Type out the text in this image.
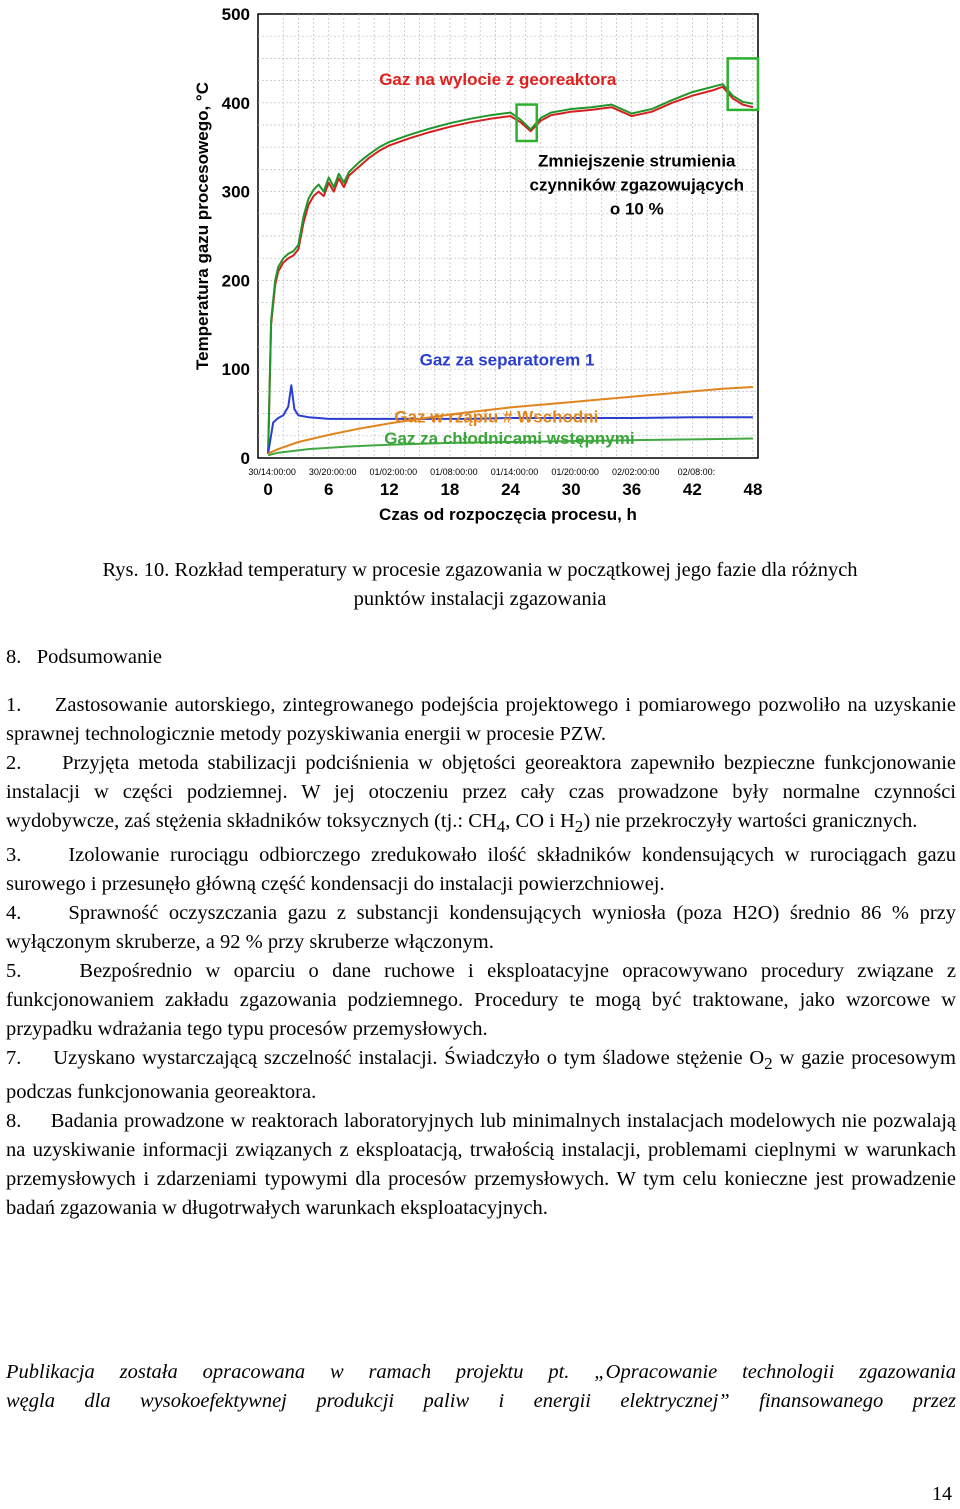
0
100
200
300
400
500
30/14:00:00 30/20:00:00 01/02:00:00 01/08:00:00 01/14:00:00 01/20:00:00 02/02:00:00 02/08:00:
0	6	12 18 24 30 36 42 48
Czas od rozpoczęcia procesu, h
Temperatura gazu procesowego, °C
Gaz na wylocie z georeaktora
Gaz za separatorem 1
Gaz w rząpiu # Wschodni
Gaz za chłodnicami wstępnymi
Zmniejszenie strumienia
czynników zgazowujących
o 10 %
Rys. 10. Rozkład temperatury w procesie zgazowania w początkowej jego fazie dla różnych
punktów instalacji zgazowania
8. Podsumowanie

1. Zastosowanie autorskiego, zintegrowanego podejścia projektowego i pomiarowego pozwoliło na uzyskanie sprawnej technologicznie metody pozyskiwania energii w procesie PZW.

2. Przyjęta metoda stabilizacji podciśnienia w objętości georeaktora zapewniło bezpieczne funkcjonowanie instalacji w części podziemnej. W jej otoczeniu przez cały czas prowadzone były normalne czynności wydobywcze, zaś stężenia składników toksycznych (tj.: $CH_4$, CO i $H_2$) nie przekroczyły wartości granicznych.

3. Izolowanie rurociągu odbiorczego zredukowało ilość składników kondensujących w rurociągach gazu surowego i przesunęło główną część kondensacji do instalacji powierzchniowej.

4. Sprawność oczyszczania gazu z substancji kondensujących wyniosła (poza H2O) średnio 86 % przy wyłączonym skruberze, a 92 % przy skruberze włączonym.

5.	Bezpośrednio w oparciu o dane ruchowe i eksploatacyjne opracowywano procedury związane z funkcjonowaniem zakładu zgazowania podziemnego. Procedury te mogą być traktowane, jako wzorcowe w przypadku wdrażania tego typu procesów przemysłowych.

7. Uzyskano wystarczającą szczelność instalacji. Świadczyło o tym śladowe stężenie $O_2$ w gazie procesowym podczas funkcjonowania georeaktora.

8. Badania prowadzone w reaktorach laboratoryjnych lub minimalnych instalacjach modelowych nie pozwalają na uzyskiwanie informacji związanych z eksploatacją, trwałością instalacji, problemami cieplnymi w warunkach przemysłowych i zdarzeniami typowymi dla procesów przemysłowych. W tym celu konieczne jest prowadzenie badań zgazowania w długotrwałych warunkach eksploatacyjnych.

Publikacja została opracowana w ramach projektu pt. „Opracowanie technologii zgazowania
węgla dla wysokoefektywnej produkcji paliw i energii elektrycznej” finansowanego przez
14
